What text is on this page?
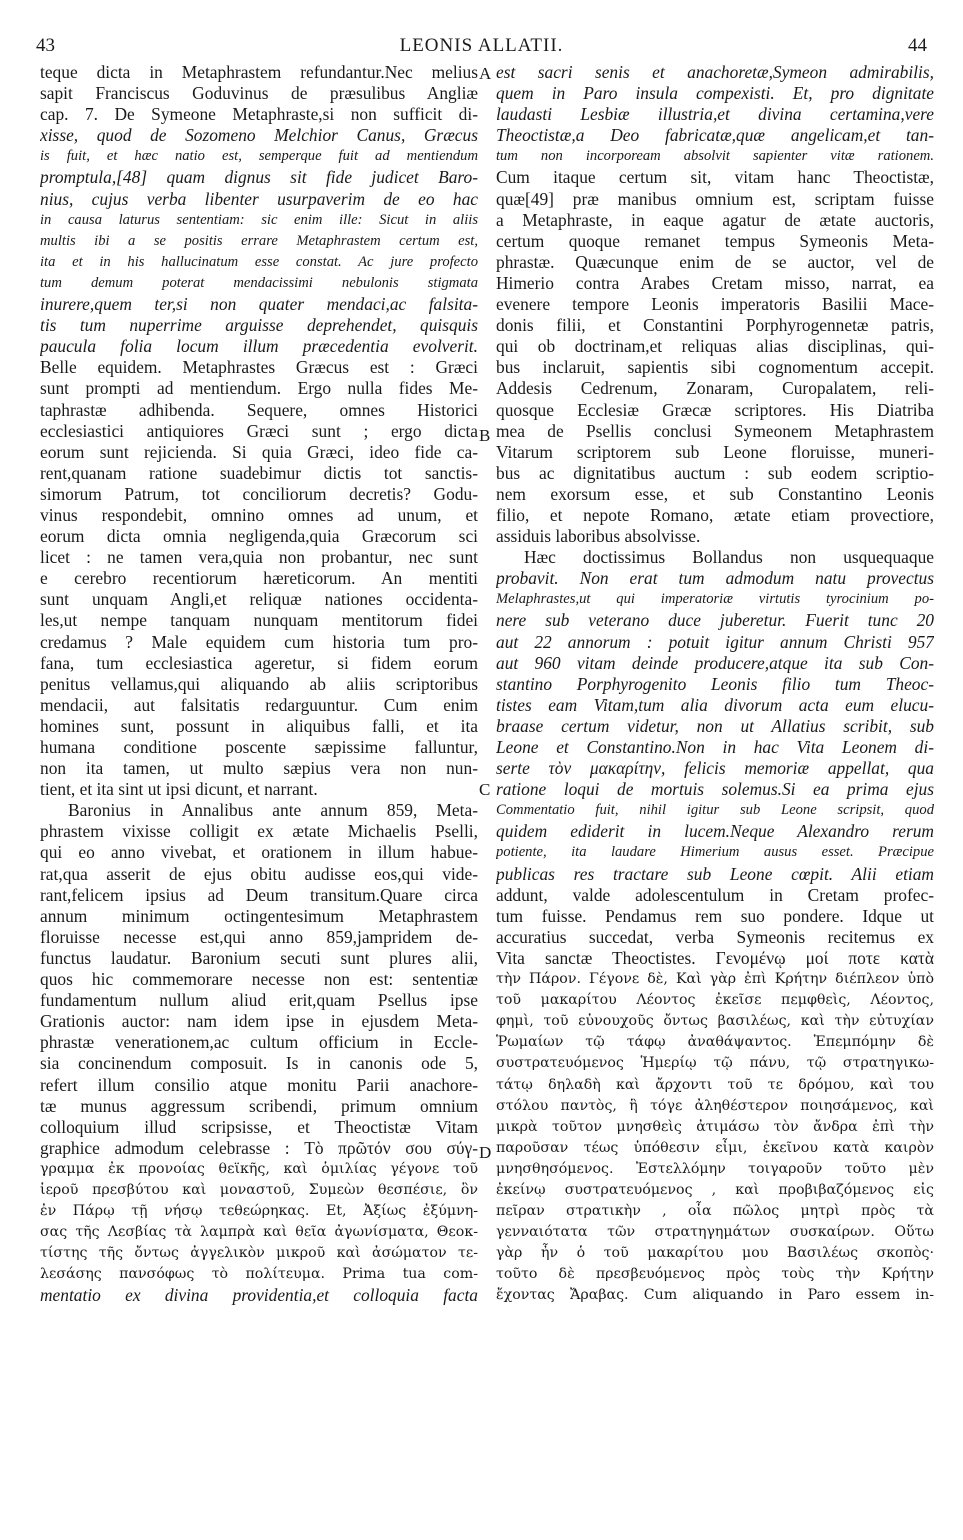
43	LEONIS ALLATII.	44
A
B
C
D
teque dicta in Metaphrastem refundantur.Nec melius
sapit Franciscus Goduvinus de præsulibus Angliæ
cap. 7. De Symeone Metaphraste,si non sufficit di-
xisse, quod de Sozomeno Melchior Canus, Græcus
is fuit, et hæc natio est, semperque fuit ad mentiendum
promptula,[48] quam dignus sit fide judicet Baro-
nius, cujus verba libenter usurpaverim de eo hac
in causa laturus sententiam: sic enim ille: Sicut in aliis
multis ibi a se positis errare Metaphrastem certum est,
ita et in his hallucinatum esse constat. Ac jure profecto
tum demum poterat mendacissimi nebulonis stigmata
inurere,quem ter,si non quater mendaci,ac falsita-
tis tum nuperrime arguisse deprehendet, quisquis
paucula folia locum illum præcedentia evolverit.
Belle equidem. Metaphrastes Græcus est : Græci
sunt prompti ad mentiendum. Ergo nulla fides Me-
taphrastæ adhibenda. Sequere, omnes Historici
ecclesiastici antiquiores Græci sunt ; ergo dicta
eorum sunt rejicienda. Si quia Græci, ideo fide ca-
rent,quanam ratione suadebimur dictis tot sanctis-
simorum Patrum, tot conciliorum decretis? Godu-
vinus respondebit, omnino omnes ad unum, et
eorum dicta omnia negligenda,quia Græcorum sci
licet : ne tamen vera,quia non probantur, nec sunt
e cerebro recentiorum hæreticorum. An mentiti
sunt unquam Angli,et reliquæ nationes occidenta-
les,ut nempe tanquam nunquam mentitorum fidei
credamus ? Male equidem cum historia tum pro-
fana, tum ecclesiastica ageretur, si fidem eorum
penitus vellamus,qui aliquando ab aliis scriptoribus
mendacii, aut falsitatis redarguuntur. Cum enim
homines sunt, possunt in aliquibus falli, et ita
humana conditione poscente sæpissime falluntur,
non ita tamen, ut multo sæpius vera non nun-
tient, et ita sint ut ipsi dicunt, et narrant.
Baronius in Annalibus ante annum 859, Meta-
phrastem vixisse colligit ex ætate Michaelis Pselli,
qui eo anno vivebat, et orationem in illum habue-
rat,qua asserit de ejus obitu audisse eos,qui vide-
rant,felicem ipsius ad Deum transitum.Quare circa
annum minimum octingentesimum Metaphrastem
floruisse necesse est,qui anno 859,jampridem de-
functus laudatur. Baronium secuti sunt plures alii,
quos hic commemorare necesse non est: sententiæ
fundamentum nullum aliud erit,quam Psellus ipse
Grationis auctor: nam idem ipse in ejusdem Meta-
phrastæ venerationem,ac cultum officium in Eccle-
sia concinendum composuit. Is in canonis ode 5,
refert illum consilio atque monitu Parii anachore-
tæ munus aggressum scribendi, primum omnium
colloquium illud scripsisse, et Theoctistæ Vitam
graphice admodum celebrasse : Τὸ πρῶτόν σου σύγ-
γραμμα ἐκ προνοίας θεϊκῆς, καὶ ὁμιλίας γέγονε τοῦ
ἱεροῦ πρεσβύτου καὶ μοναστοῦ, Συμεὼν θεσπέσιε, ὃν
ἐν Πάρῳ τῇ νήσῳ τεθεώρηκας. Et, Ἀξίως ἐξύμνη-
σας τῆς Λεσβίας τὰ λαμπρὰ καὶ θεῖα ἀγωνίσματα, Θεοκ-
τίστης τῆς ὄντως ἀγγελικὸν μικροῦ καὶ ἀσώματον τε-
λεσάσης πανσόφως τὸ πολίτευμα. Prima tua com-
mentatio ex divina providentia,et colloquia facta
est sacri senis et anachoretæ,Symeon admirabilis,
quem in Paro insula compexisti. Et, pro dignitate
laudasti Lesbiæ illustria,et divina certamina,vere
Theoctistæ,a Deo fabricatæ,quæ angelicam,et tan-
tum non incorpoream absolvit sapienter vitæ rationem.
Cum itaque certum sit, vitam hanc Theoctistæ,
quæ[49] præ manibus omnium est, scriptam fuisse
a Metaphraste, in eaque agatur de ætate auctoris,
certum quoque remanet tempus Symeonis Meta-
phrastæ. Quæcunque enim de se auctor, vel de
Himerio contra Arabes Cretam misso, narrat, ea
evenere tempore Leonis imperatoris Basilii Mace-
donis filii, et Constantini Porphyrogennetæ patris,
qui ob doctrinam,et reliquas alias disciplinas, qui-
bus inclaruit, sapientis sibi cognomentum accepit.
Addesis Cedrenum, Zonaram, Curopalatem, reli-
quosque Ecclesiæ Græcæ scriptores. His Diatriba
mea de Psellis conclusi Symeonem Metaphrastem
Vitarum scriptorem sub Leone floruisse, muneri-
bus ac dignitatibus auctum : sub eodem scriptio-
nem exorsum esse, et sub Constantino Leonis
filio, et nepote Romano, ætate etiam provectiore,
assiduis laboribus absolvisse.
Hæc doctissimus Bollandus non usquequaque
probavit. Non erat tum admodum natu provectus
Melaphrastes,ut qui imperatoriæ virtutis tyrocinium po-
nere sub veterano duce juberetur. Fuerit tunc 20
aut 22 annorum : potuit igitur annum Christi 957
aut 960 vitam deinde producere,atque ita sub Con-
stantino Porphyrogenito Leonis filio tum Theoc-
tistes eam Vitam,tum alia divorum acta eum elucu-
braase certum videtur, non ut Allatius scribit, sub
Leone et Constantino.Non in hac Vita Leonem di-
serte τὸν μακαρίτην, felicis memoriæ appellat, qua
ratione loqui de mortuis solemus.Si ea prima ejus
Commentatio fuit, nihil igitur sub Leone scripsit, quod
quidem ediderit in lucem.Neque Alexandro rerum
potiente, ita laudare Himerium ausus esset. Præcipue
publicas res tractare sub Leone cœpit. Alii etiam
addunt, valde adolescentulum in Cretam profec-
tum fuisse. Pendamus rem suo pondere. Idque ut
accuratius succedat, verba Symeonis recitemus ex
Vita sanctæ Theoctistes. Γενομένῳ μοί ποτε κατὰ
τὴν Πάρον. Γέγονε δὲ, Καὶ γὰρ ἐπὶ Κρήτην διέπλεον ὑπὸ
τοῦ μακαρίτου Λέοντος ἐκεῖσε πεμφθεὶς, Λέοντος,
φημὶ, τοῦ εὐνουχοῦς ὄντως βασιλέως, καὶ τὴν εὐτυχίαν
Ῥωμαίων τῷ τάφῳ ἀναθάψαντος. Ἐπεμπόμην δὲ
συστρατευόμενος Ἡμερίῳ τῷ πάνυ, τῷ στρατηγικω-
τάτῳ δηλαδὴ καὶ ἄρχοντι τοῦ τε δρόμου, καὶ του
στόλου παντὸς, ἣ τόγε ἀληθέστερον ποιησάμενος, καὶ
μικρὰ τοῦτον μνησθεὶς ἀτιμάσω τὸν ἄνδρα ἐπὶ τὴν
παροῦσαν τέως ὑπόθεσιν εἶμι, ἐκεῖνου κατὰ καιρὸν
μνησθησόμενος. Ἐστελλόμην τοιγαροῦν τοῦτο μὲν
ἐκείνῳ συστρατευόμενος , καὶ προβιβαζόμενος εἰς
πεῖραν στρατικὴν , οἷα πῶλος μητρὶ πρὸς τὰ
γενναιότατα τῶν στρατηγημάτων συσκαίρων. Οὕτω
γὰρ ἦν ὁ τοῦ μακαρίτου μου Βασιλέως σκοπὸς·
τοῦτο δὲ πρεσβευόμενος πρὸς τοὺς τὴν Κρήτην
ἔχοντας Ἄραβας. Cum aliquando in Paro essem in-
